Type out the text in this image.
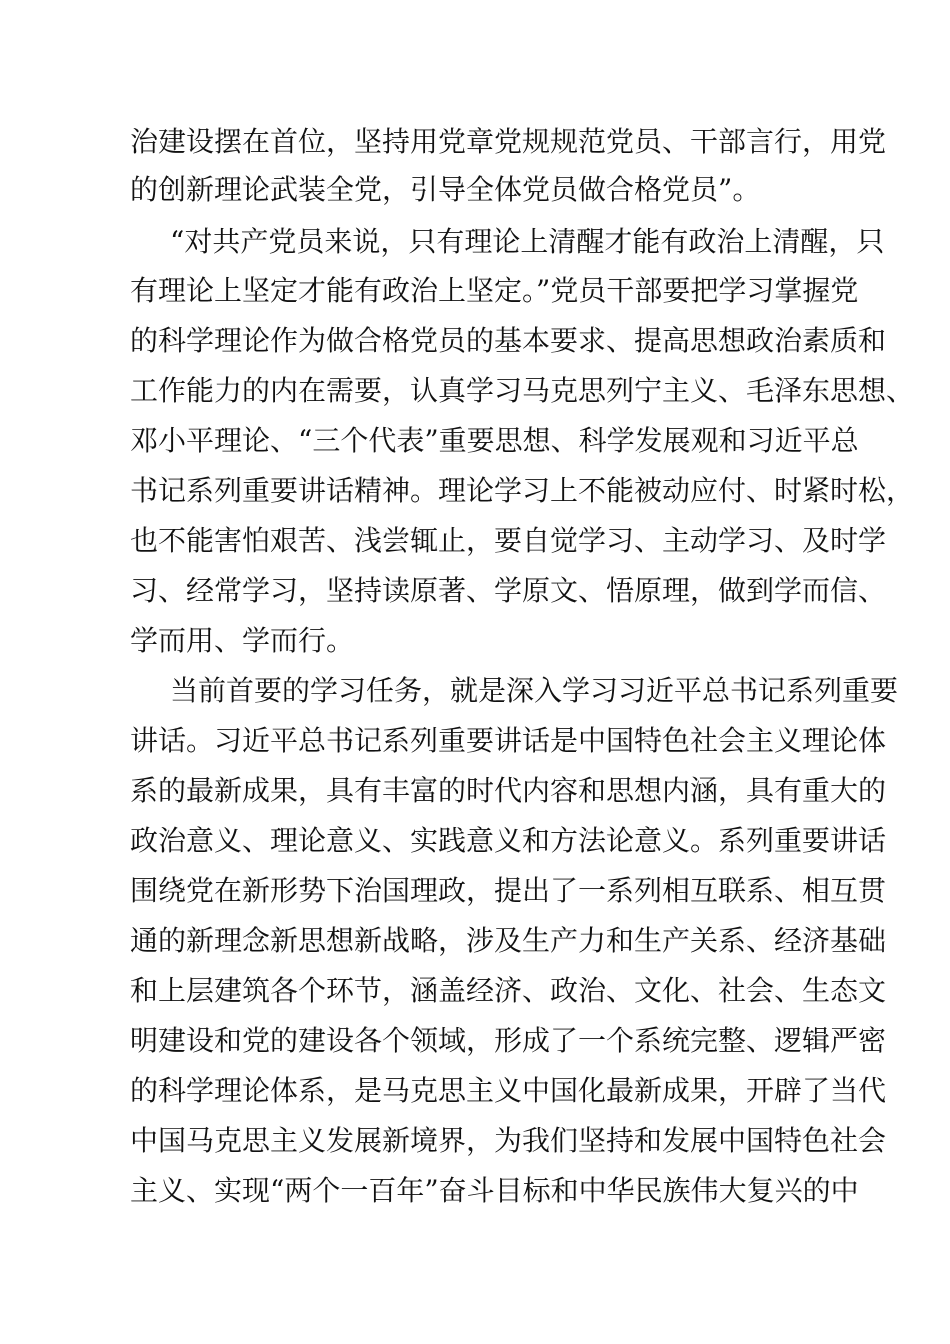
治建设摆在首位，坚持用党章党规规范党员、干部言行，用党
的创新理论武装全党，引导全体党员做合格党员”。
“对共产党员来说，只有理论上清醒才能有政治上清醒，只
有理论上坚定才能有政治上坚定。”党员干部要把学习掌握党
的科学理论作为做合格党员的基本要求、提高思想政治素质和
工作能力的内在需要，认真学习马克思列宁主义、毛泽东思想、
邓小平理论、“三个代表”重要思想、科学发展观和习近平总
书记系列重要讲话精神。理论学习上不能被动应付、时紧时松，
也不能害怕艰苦、浅尝辄止，要自觉学习、主动学习、及时学
习、经常学习，坚持读原著、学原文、悟原理，做到学而信、
学而用、学而行。
当前首要的学习任务，就是深入学习习近平总书记系列重要
讲话。习近平总书记系列重要讲话是中国特色社会主义理论体
系的最新成果，具有丰富的时代内容和思想内涵，具有重大的
政治意义、理论意义、实践意义和方法论意义。系列重要讲话
围绕党在新形势下治国理政，提出了一系列相互联系、相互贯
通的新理念新思想新战略，涉及生产力和生产关系、经济基础
和上层建筑各个环节，涵盖经济、政治、文化、社会、生态文
明建设和党的建设各个领域，形成了一个系统完整、逻辑严密
的科学理论体系，是马克思主义中国化最新成果，开辟了当代
中国马克思主义发展新境界，为我们坚持和发展中国特色社会
主义、实现“两个一百年”奋斗目标和中华民族伟大复兴的中
